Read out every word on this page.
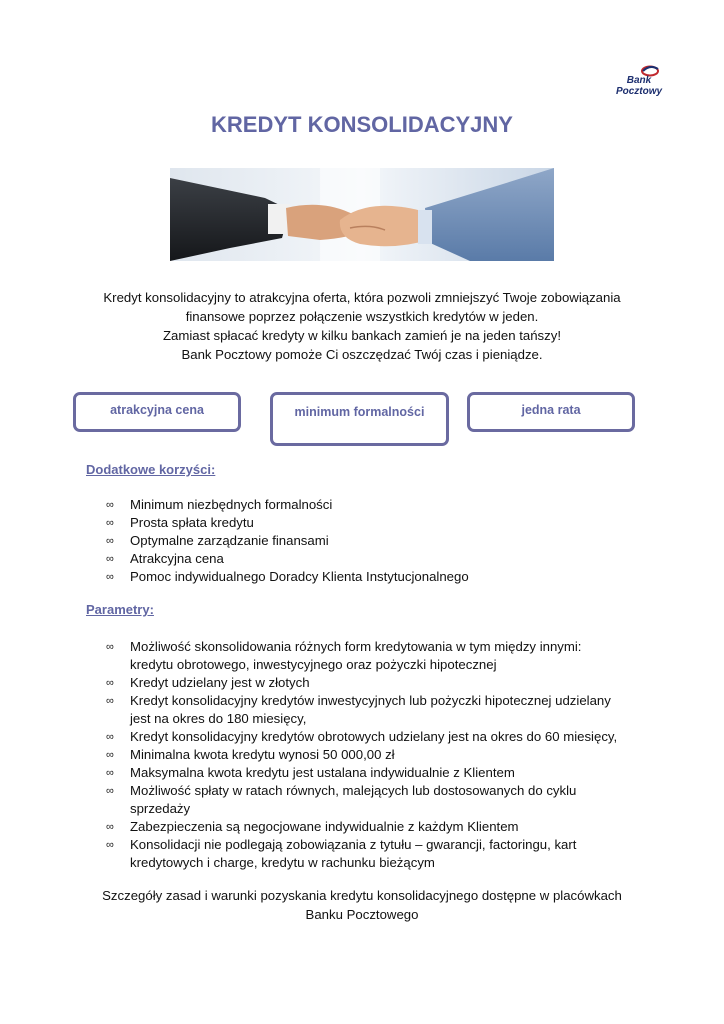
Bank
Pocztowy
KREDYT KONSOLIDACYJNY
Kredyt konsolidacyjny to atrakcyjna oferta, która pozwoli zmniejszyć Twoje zobowiązania
finansowe poprzez połączenie wszystkich kredytów w jeden.
Zamiast spłacać kredyty w kilku bankach zamień je na jeden tańszy!
Bank Pocztowy pomoże Ci oszczędzać Twój czas i pieniądze.
atrakcyjna cena	minimum formalności	jedna rata
Dodatkowe korzyści:
∞ Minimum niezbędnych formalności
∞ Prosta spłata kredytu
∞ Optymalne zarządzanie finansami
∞ Atrakcyjna cena
∞ Pomoc indywidualnego Doradcy Klienta Instytucjonalnego
Parametry:
∞ Możliwość skonsolidowania różnych form kredytowania w tym między innymi:
kredytu obrotowego, inwestycyjnego oraz pożyczki hipotecznej
∞ Kredyt udzielany jest w złotych
∞ Kredyt konsolidacyjny kredytów inwestycyjnych lub pożyczki hipotecznej udzielany
jest na okres do 180 miesięcy,
∞ Kredyt konsolidacyjny kredytów obrotowych udzielany jest na okres do 60 miesięcy,
∞ Minimalna kwota kredytu wynosi 50 000,00 zł
∞ Maksymalna kwota kredytu jest ustalana indywidualnie z Klientem
∞ Możliwość spłaty w ratach równych, malejących lub dostosowanych do cyklu
sprzedaży
∞ Zabezpieczenia są negocjowane indywidualnie z każdym Klientem
∞ Konsolidacji nie podlegają zobowiązania z tytułu – gwarancji, factoringu, kart
kredytowych i charge, kredytu w rachunku bieżącym
Szczegóły zasad i warunki pozyskania kredytu konsolidacyjnego dostępne w placówkach
Banku Pocztowego
